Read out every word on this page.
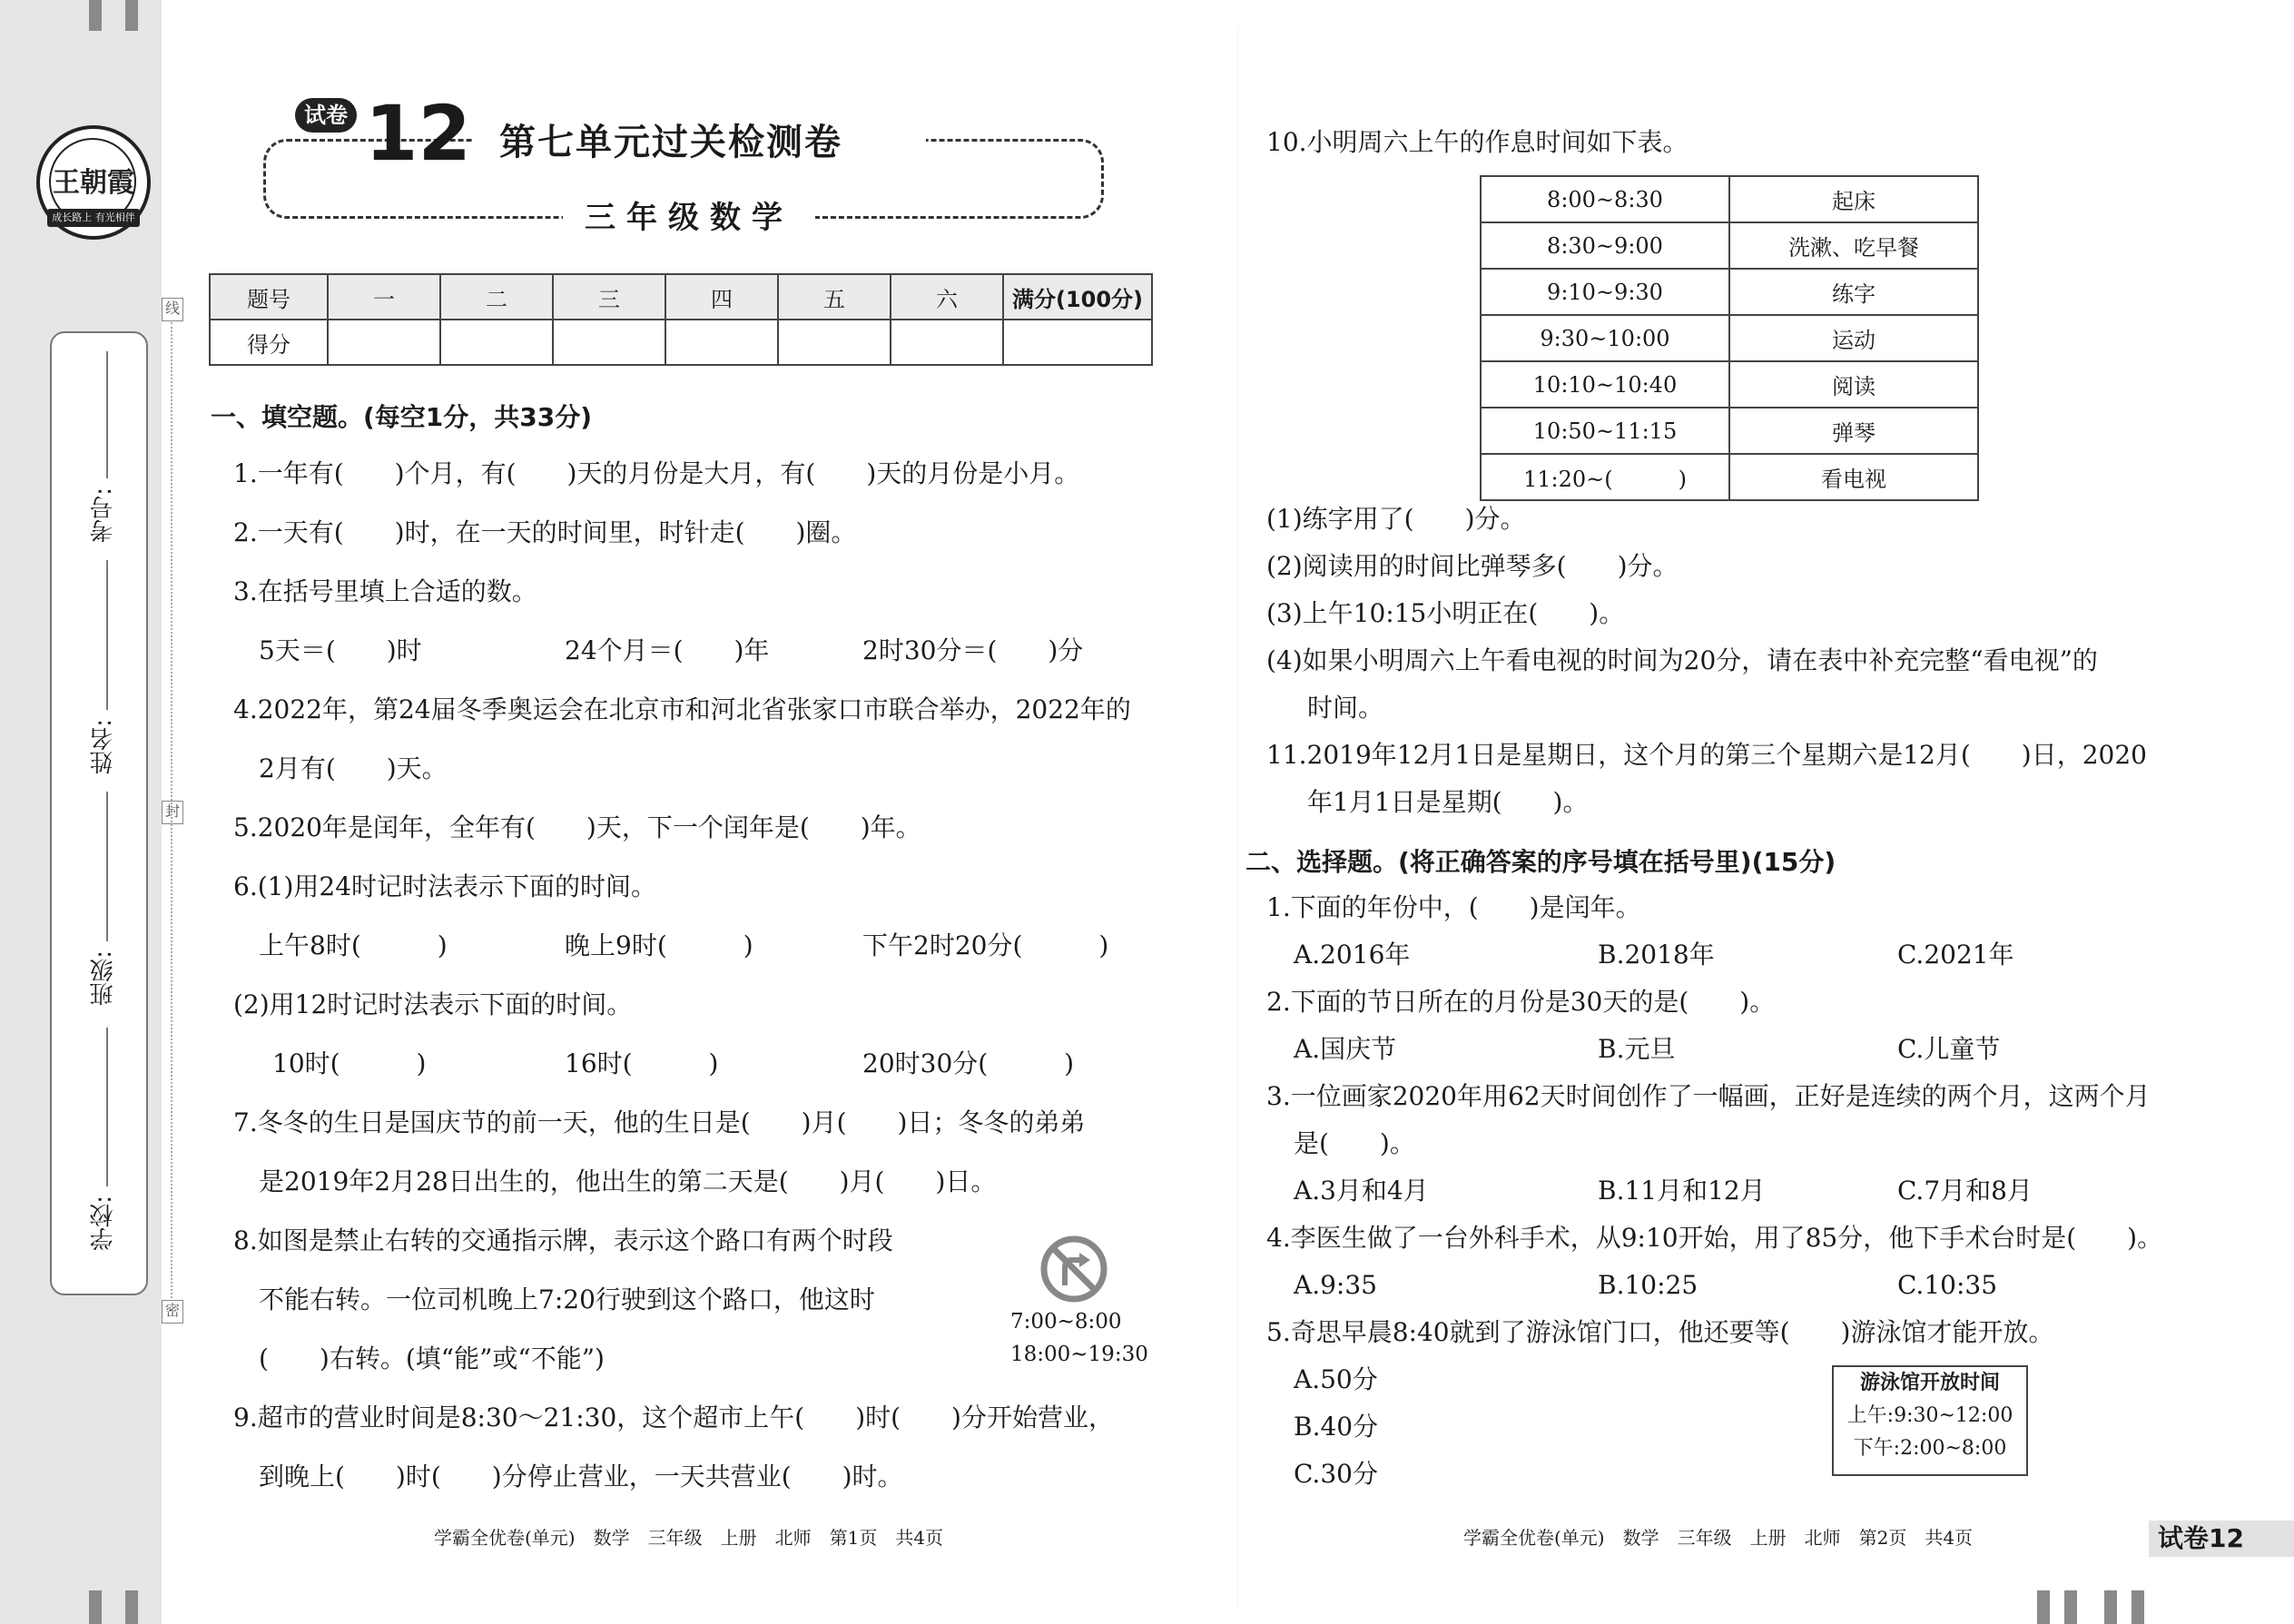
王朝霞
成长路上 有光相伴
考号:
姓名:
班级:
学校:
线
封
密
试卷 12 第七单元过关检测卷
三年级数学
题号	一	二	三	四	五	六	满分(100分)
得分							
一、填空题。(每空1分，共33分)
1.一年有(　　)个月，有(　　)天的月份是大月，有(　　)天的月份是小月。
2.一天有(　　)时，在一天的时间里，时针走(　　)圈。
3.在括号里填上合适的数。
5天＝(　　)时	24个月＝(　　)年	2时30分＝(　　)分
4.2022年，第24届冬季奥运会在北京市和河北省张家口市联合举办，2022年的
2月有(　　)天。
5.2020年是闰年，全年有(　　)天，下一个闰年是(　　)年。
6.(1)用24时记时法表示下面的时间。
上午8时(　　　)	晚上9时(　　　)	下午2时20分(　　　)
(2)用12时记时法表示下面的时间。
10时(　　　)	16时(　　　)	20时30分(　　　)
7.冬冬的生日是国庆节的前一天，他的生日是(　　)月(　　)日；冬冬的弟弟
是2019年2月28日出生的，他出生的第二天是(　　)月(　　)日。
8.如图是禁止右转的交通指示牌，表示这个路口有两个时段
不能右转。一位司机晚上7:20行驶到这个路口，他这时
(　　)右转。(填“能”或“不能”)
7:00~8:00
18:00~19:30
9.超市的营业时间是8:30～21:30，这个超市上午(　　)时(　　)分开始营业，
到晚上(　　)时(　　)分停止营业，一天共营业(　　)时。
学霸全优卷(单元)　数学　三年级　上册　北师　第1页　共4页
10.小明周六上午的作息时间如下表。
8:00~8:30	起床
8:30~9:00	洗漱、吃早餐
9:10~9:30	练字
9:30~10:00	运动
10:10~10:40	阅读
10:50~11:15	弹琴
11:20~(　　　)	看电视
(1)练字用了(　　)分。
(2)阅读用的时间比弹琴多(　　)分。
(3)上午10:15小明正在(　　)。
(4)如果小明周六上午看电视的时间为20分，请在表中补充完整“看电视”的
时间。
11.2019年12月1日是星期日，这个月的第三个星期六是12月(　　)日，2020
年1月1日是星期(　　)。
二、选择题。(将正确答案的序号填在括号里)(15分)
1.下面的年份中，(　　)是闰年。
A.2016年	B.2018年	C.2021年
2.下面的节日所在的月份是30天的是(　　)。
A.国庆节	B.元旦	C.儿童节
3.一位画家2020年用62天时间创作了一幅画，正好是连续的两个月，这两个月
是(　　)。
A.3月和4月	B.11月和12月	C.7月和8月
4.李医生做了一台外科手术，从9:10开始，用了85分，他下手术台时是(　　)。
A.9:35	B.10:25	C.10:35
5.奇思早晨8:40就到了游泳馆门口，他还要等(　　)游泳馆才能开放。
A.50分
B.40分
C.30分
游泳馆开放时间
上午:9:30~12:00
下午:2:00~8:00
学霸全优卷(单元)　数学　三年级　上册　北师　第2页　共4页	试卷12
